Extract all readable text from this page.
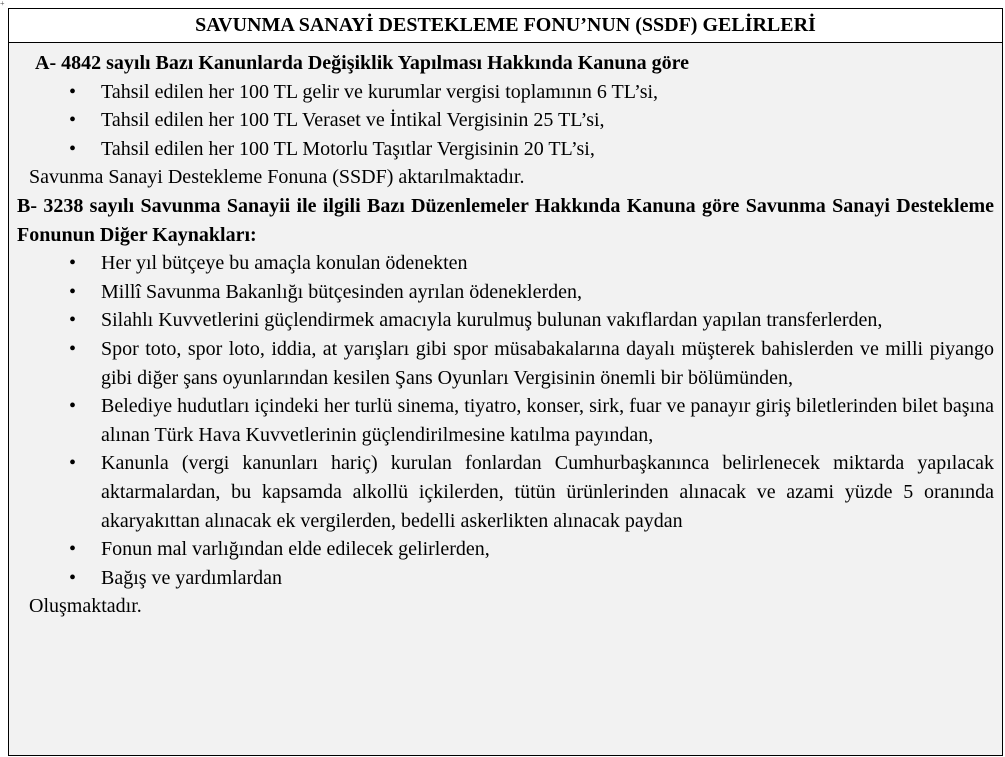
+
SAVUNMA SANAYİ DESTEKLEME FONU’NUN (SSDF) GELİRLERİ
A- 4842 sayılı Bazı Kanunlarda Değişiklik Yapılması Hakkında Kanuna göre
• Tahsil edilen her 100 TL gelir ve kurumlar vergisi toplamının 6 TL’si,
• Tahsil edilen her 100 TL Veraset ve İntikal Vergisinin 25 TL’si,
• Tahsil edilen her 100 TL Motorlu Taşıtlar Vergisinin 20 TL’si,

Savunma Sanayi Destekleme Fonuna (SSDF) aktarılmaktadır.

B- 3238 sayılı Savunma Sanayii ile ilgili Bazı Düzenlemeler Hakkında Kanuna göre Savunma Sanayi Destekleme Fonunun Diğer Kaynakları:

• Her yıl bütçeye bu amaçla konulan ödenekten
• Millî Savunma Bakanlığı bütçesinden ayrılan ödeneklerden,
• Silahlı Kuvvetlerini güçlendirmek amacıyla kurulmuş bulunan vakıflardan yapılan transferlerden,
• Spor toto, spor loto, iddia, at yarışları gibi spor müsabakalarına dayalı müşterek bahislerden ve milli piyango gibi diğer şans oyunlarından kesilen Şans Oyunları Vergisinin önemli bir bölümünden,
• Belediye hudutları içindeki her turlü sinema, tiyatro, konser, sirk, fuar ve panayır giriş biletlerinden bilet başına alınan Türk Hava Kuvvetlerinin güçlendirilmesine katılma payından,
• Kanunla (vergi kanunları hariç) kurulan fonlardan Cumhurbaşkanınca belirlenecek miktarda yapılacak aktarmalardan, bu kapsamda alkollü içkilerden, tütün ürünlerinden alınacak ve azami yüzde 5 oranında akaryakıttan alınacak ek vergilerden, bedelli askerlikten alınacak paydan
• Fonun mal varlığından elde edilecek gelirlerden,
• Bağış ve yardımlardan

Oluşmaktadır.
